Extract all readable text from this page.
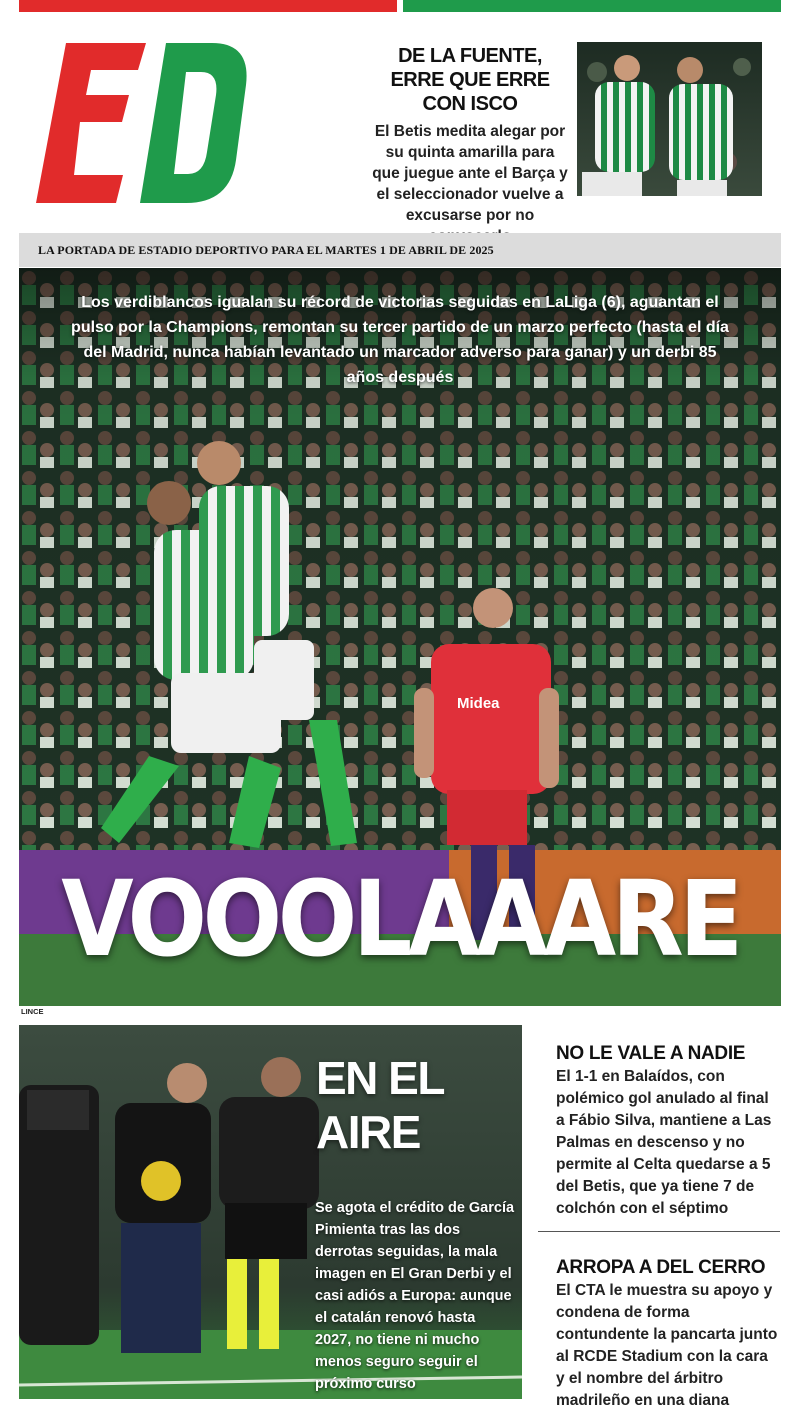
DE LA FUENTE, ERRE QUE ERRE CON ISCO

El Betis medita alegar por su quinta amarilla para que juegue ante el Barça y el seleccionador vuelve a excusarse por no

LA PORTADA DE ESTADIO DEPORTIVO PARA EL MARTES 1 DE ABRIL DE 2025
Midea

Los verdiblancos igualan su récord de victorias seguidas en LaLiga (6), aguantan el pulso por la Champions, remontan su tercer partido de un marzo perfecto (hasta el día del Madrid, nunca habían levantado un marcador adverso para ganar) y un derbi 85 años después

VOOOLAAARE
LINCE
EN EL AIRE

Se agota el crédito de García Pimienta tras las dos derrotas seguidas, la mala imagen en El Gran Derbi y el casi adiós a Europa: aunque el catalán renovó hasta 2027, no tiene ni mucho menos seguro seguir el próximo curso

NO LE VALE A NADIE

El 1-1 en Balaídos, con polémico gol anulado al final a Fábio Silva, mantiene a Las Palmas en descenso y no permite al Celta quedarse a 5 del Betis, que ya tiene 7 de colchón con el séptimo

ARROPA A DEL CERRO

El CTA le muestra su apoyo y condena de forma contundente la pancarta junto al RCDE Stadium con la cara y el nombre del árbitro madrileño en una diana
